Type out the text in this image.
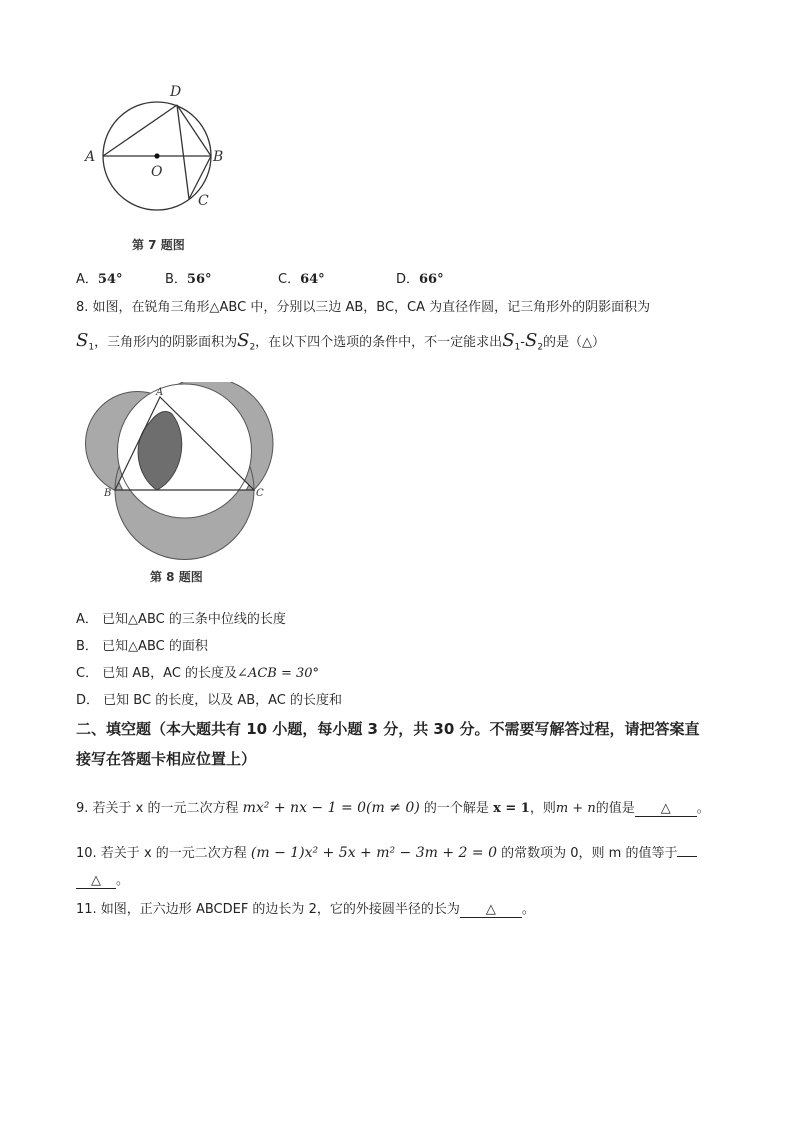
A	B
C
D
O
第 7 题图
A．54°	B．56°	C．64°	D．66°
8. 如图，在锐角三角形△ABC 中，分别以三边 AB，BC，CA 为直径作圆，记三角形外的阴影面积为
$S_1$，三角形内的阴影面积为$S_2$，在以下四个选项的条件中，不一定能求出$S_1-S_2$的是（△）
A
B	C
第 8 题图
A． 已知△ABC 的三条中位线的长度
B． 已知△ABC 的面积
C． 已知 AB，AC 的长度及∠ACB = 30°
D． 已知 BC 的长度，以及 AB，AC 的长度和
二、填空题（本大题共有 10 小题，每小题 3 分，共 30 分。不需要写解答过程，请把答案直
接写在答题卡相应位置上）
9. 若关于 x 的一元二次方程 mx² + nx − 1 = 0(m ≠ 0) 的一个解是 x = 1，则m + n的值是 △ 。
10. 若关于 x 的一元二次方程 (m − 1)x² + 5x + m² − 3m + 2 = 0 的常数项为 0，则 m 的值等于
△ 。
11. 如图，正六边形 ABCDEF 的边长为 2，它的外接圆半径的长为 △ 。
